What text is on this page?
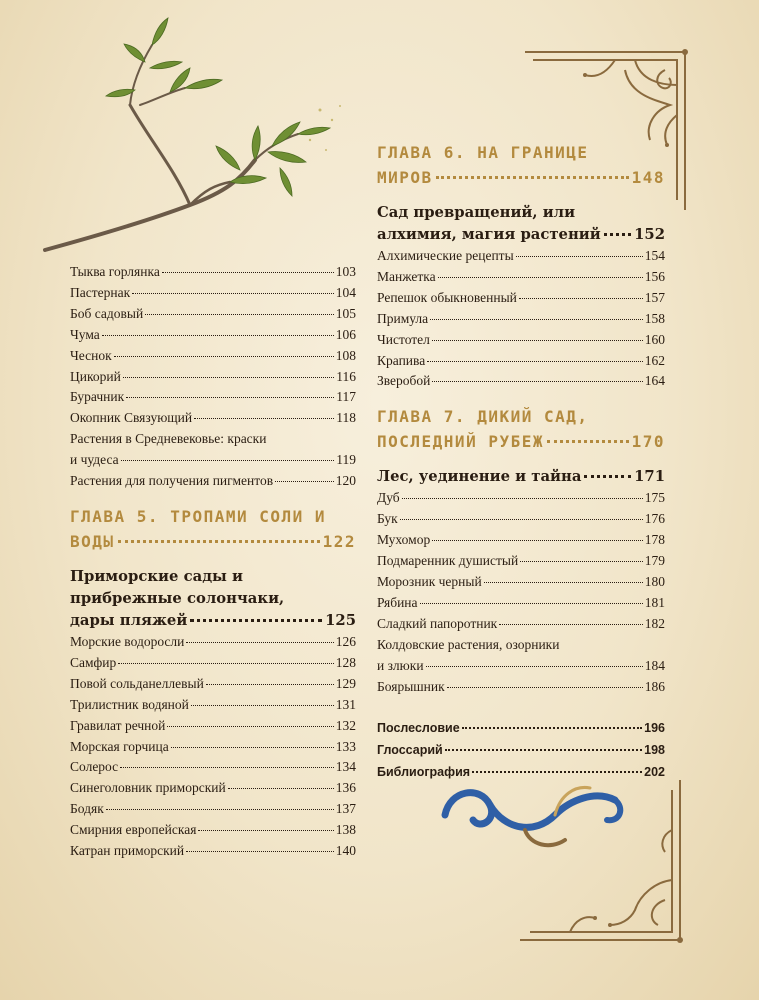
Тыква горлянка	103
Пастернак	104
Боб садовый	105
Чума	106
Чеснок	108
Цикорий	116
Бурачник	117
Окопник Связующий	118
Растения в Средневековье: краски
и чудеса	119
Растения для получения пигментов	120
ГЛАВА 5. ТРОПАМИ СОЛИ И
ВОДЫ	122
Приморские сады и
прибрежные солончаки,
дары пляжей	125
Морские водоросли	126
Самфир	128
Повой сольданеллевый	129
Трилистник водяной	131
Гравилат речной	132
Морская горчица	133
Солерос	134
Синеголовник приморский	136
Бодяк	137
Смирния европейская	138
Катран приморский	140
ГЛАВА 6. НА ГРАНИЦЕ
МИРОВ	148
Сад превращений, или
алхимия, магия растений 152
Алхимические рецепты	154
Манжетка	156
Репешок обыкновенный	157
Примула	158
Чистотел	160
Крапива	162
Зверобой	164
ГЛАВА 7. ДИКИЙ САД,
ПОСЛЕДНИЙ РУБЕЖ	170
Лес, уединение и тайна	171
Дуб	175
Бук	176
Мухомор	178
Подмаренник душистый	179
Морозник черный	180
Рябина	181
Сладкий папоротник	182
Колдовские растения, озорники
и злюки	184
Боярышник	186
Послесловие	196
Глоссарий	198
Библиография	202
